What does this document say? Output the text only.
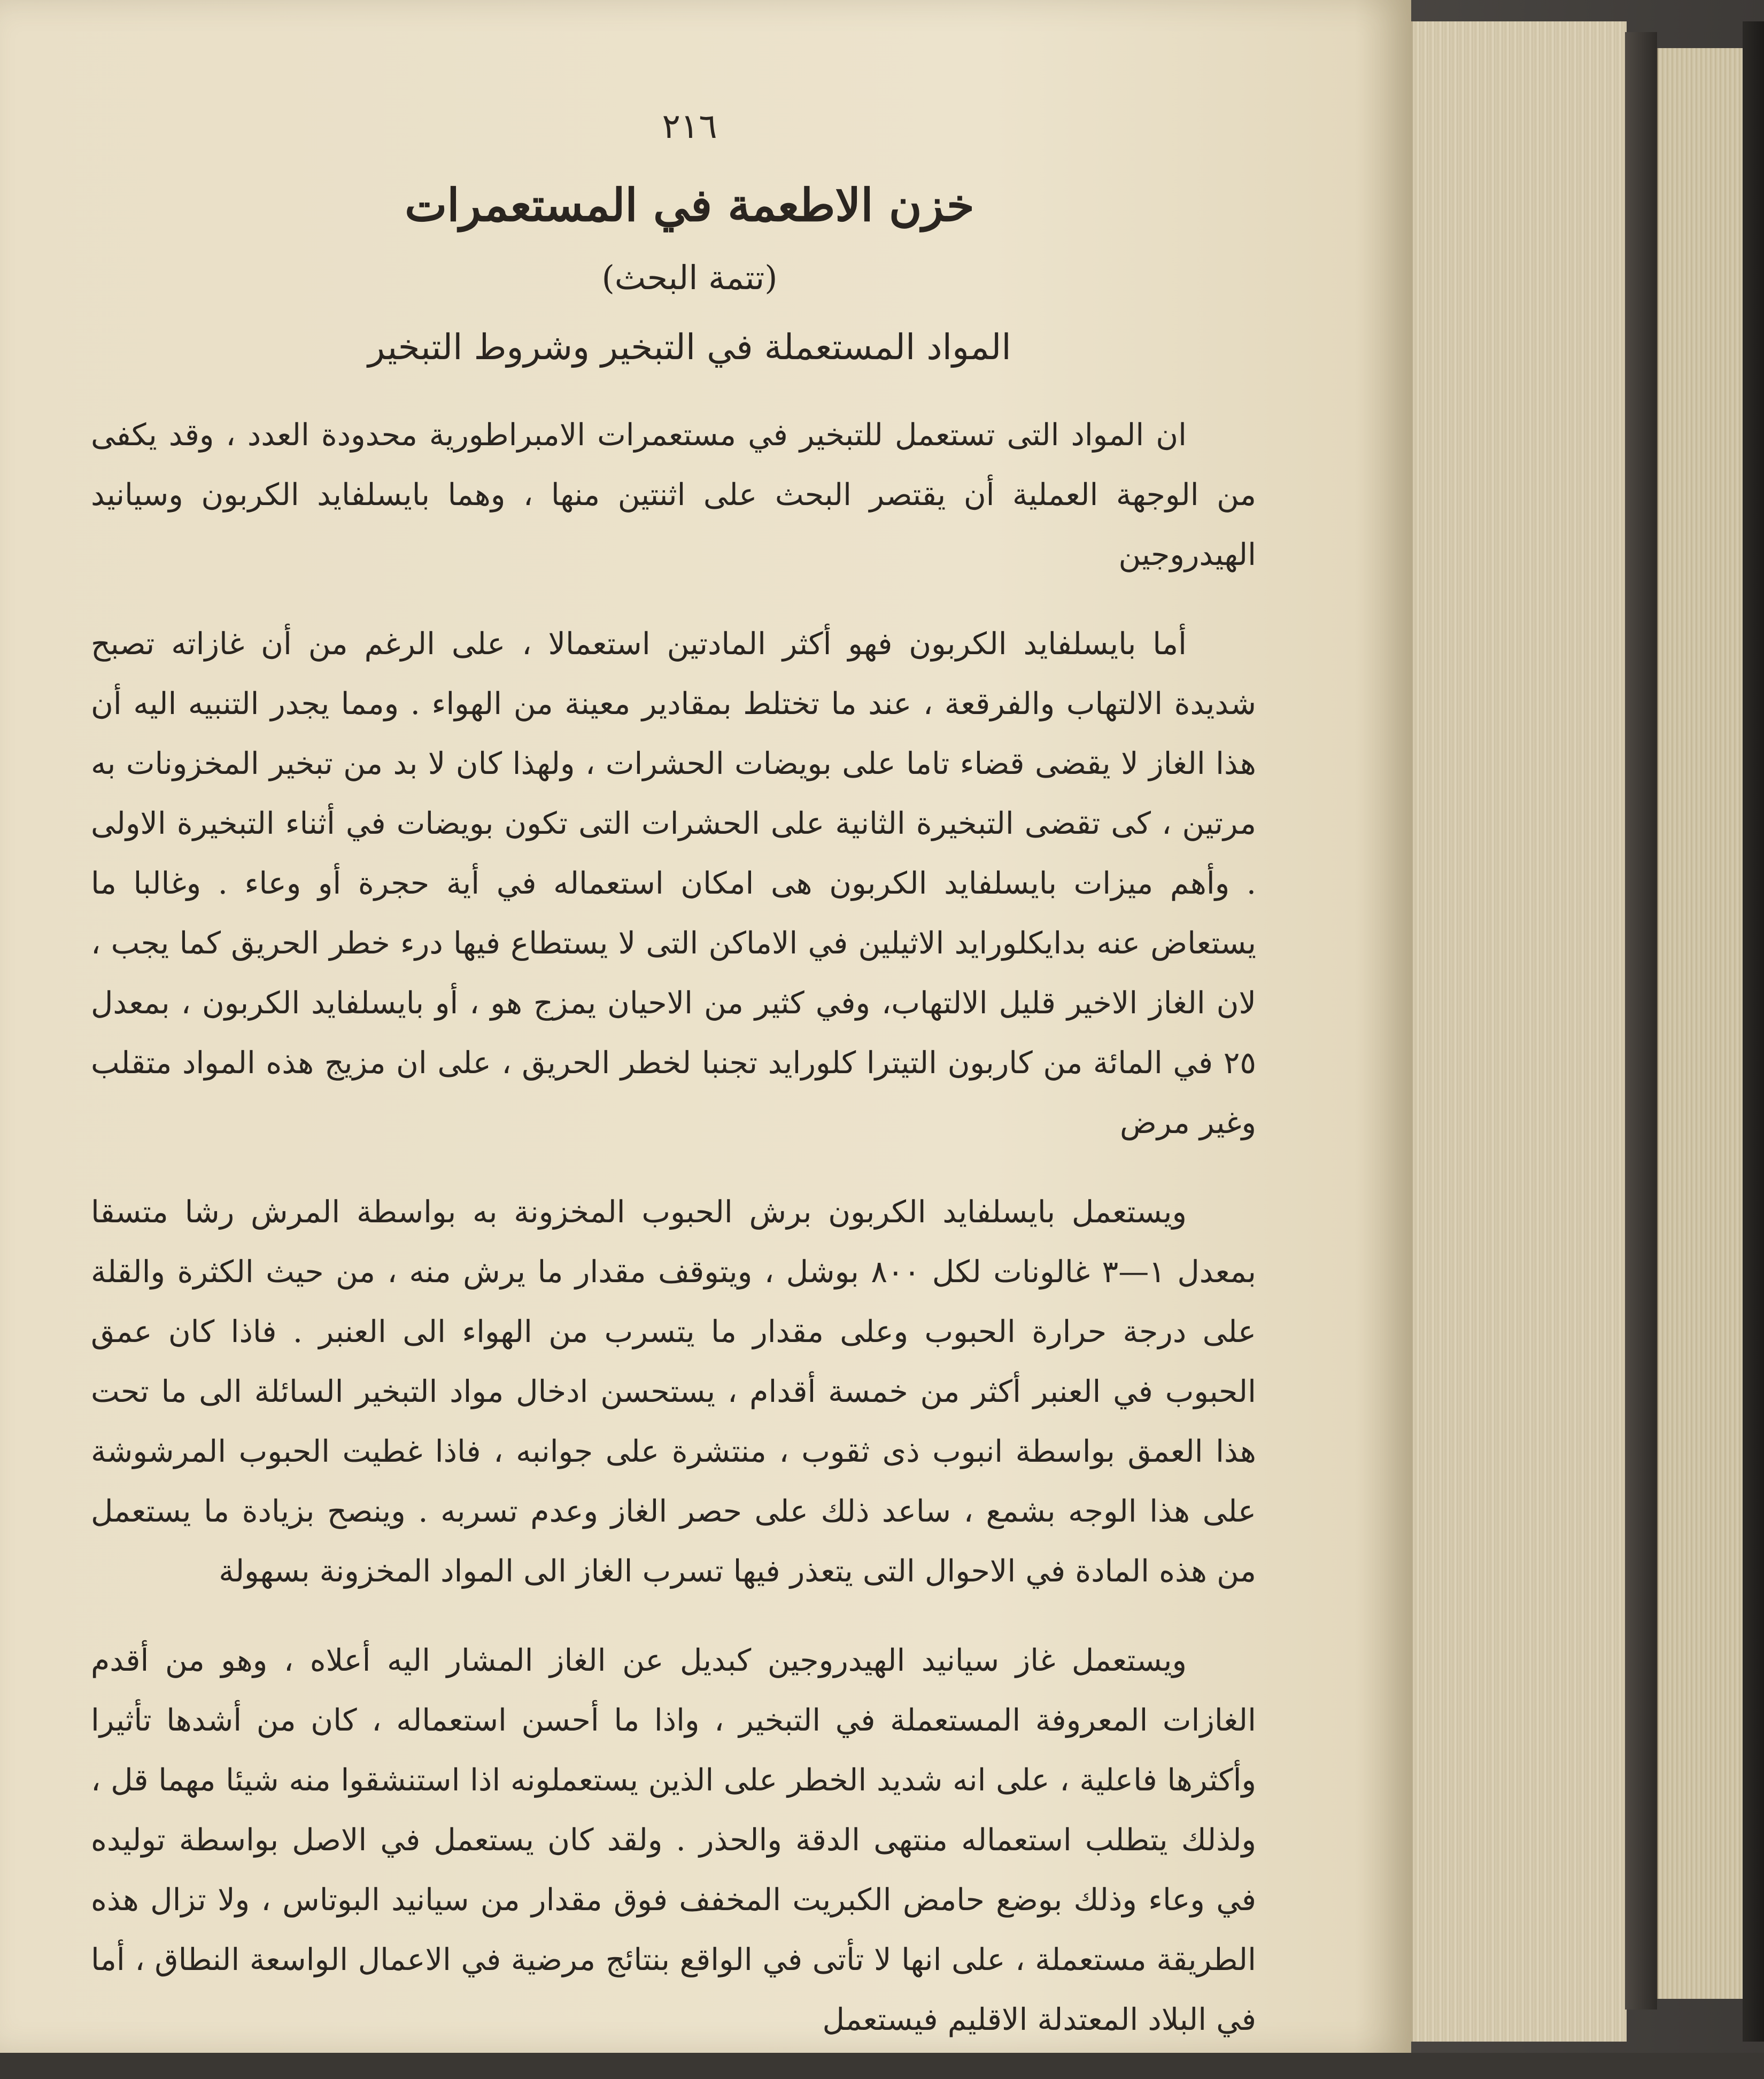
٢١٦
خزن الاطعمة في المستعمرات
(تتمة البحث)
المواد المستعملة في التبخير وشروط التبخير

ان المواد التى تستعمل للتبخير في مستعمرات الامبراطورية محدودة العدد ، وقد يكفى من الوجهة العملية أن يقتصر البحث على اثنتين منها ، وهما بايسلفايد الكربون وسيانيد الهيدروجين

أما بايسلفايد الكربون فهو أكثر المادتين استعمالا ، على الرغم من أن غازاته تصبح شديدة الالتهاب والفرقعة ، عند ما تختلط بمقادير معينة من الهواء . ومما يجدر التنبيه اليه أن هذا الغاز لا يقضى قضاء تاما على بويضات الحشرات ، ولهذا كان لا بد من تبخير المخزونات به مرتين ، كى تقضى التبخيرة الثانية على الحشرات التى تكون بويضات في أثناء التبخيرة الاولى . وأهم ميزات بايسلفايد الكربون هى امكان استعماله في أية حجرة أو وعاء . وغالبا ما يستعاض عنه بدايكلورايد الاثيلين في الاماكن التى لا يستطاع فيها درء خطر الحريق كما يجب ، لان الغاز الاخير قليل الالتهاب، وفي كثير من الاحيان يمزج هو ، أو بايسلفايد الكربون ، بمعدل ٢٥ في المائة من كاربون التيترا كلورايد تجنبا لخطر الحريق ، على ان مزيج هذه المواد متقلب وغير مرض

ويستعمل بايسلفايد الكربون برش الحبوب المخزونة به بواسطة المرش رشا متسقا بمعدل ١—٣ غالونات لكل ٨٠٠ بوشل ، ويتوقف مقدار ما يرش منه ، من حيث الكثرة والقلة على درجة حرارة الحبوب وعلى مقدار ما يتسرب من الهواء الى العنبر . فاذا كان عمق الحبوب في العنبر أكثر من خمسة أقدام ، يستحسن ادخال مواد التبخير السائلة الى ما تحت هذا العمق بواسطة انبوب ذى ثقوب ، منتشرة على جوانبه ، فاذا غطيت الحبوب المرشوشة على هذا الوجه بشمع ، ساعد ذلك على حصر الغاز وعدم تسربه . وينصح بزيادة ما يستعمل من هذه المادة في الاحوال التى يتعذر فيها تسرب الغاز الى المواد المخزونة بسهولة

ويستعمل غاز سيانيد الهيدروجين كبديل عن الغاز المشار اليه أعلاه ، وهو من أقدم الغازات المعروفة المستعملة في التبخير ، واذا ما أحسن استعماله ، كان من أشدها تأثيرا وأكثرها فاعلية ، على انه شديد الخطر على الذين يستعملونه اذا استنشقوا منه شيئا مهما قل ، ولذلك يتطلب استعماله منتهى الدقة والحذر . ولقد كان يستعمل في الاصل بواسطة توليده في وعاء وذلك بوضع حامض الكبريت المخفف فوق مقدار من سيانيد البوتاس ، ولا تزال هذه الطريقة مستعملة ، على انها لا تأتى في الواقع بنتائج مرضية في الاعمال الواسعة النطاق ، أما في البلاد المعتدلة الاقليم فيستعمل
